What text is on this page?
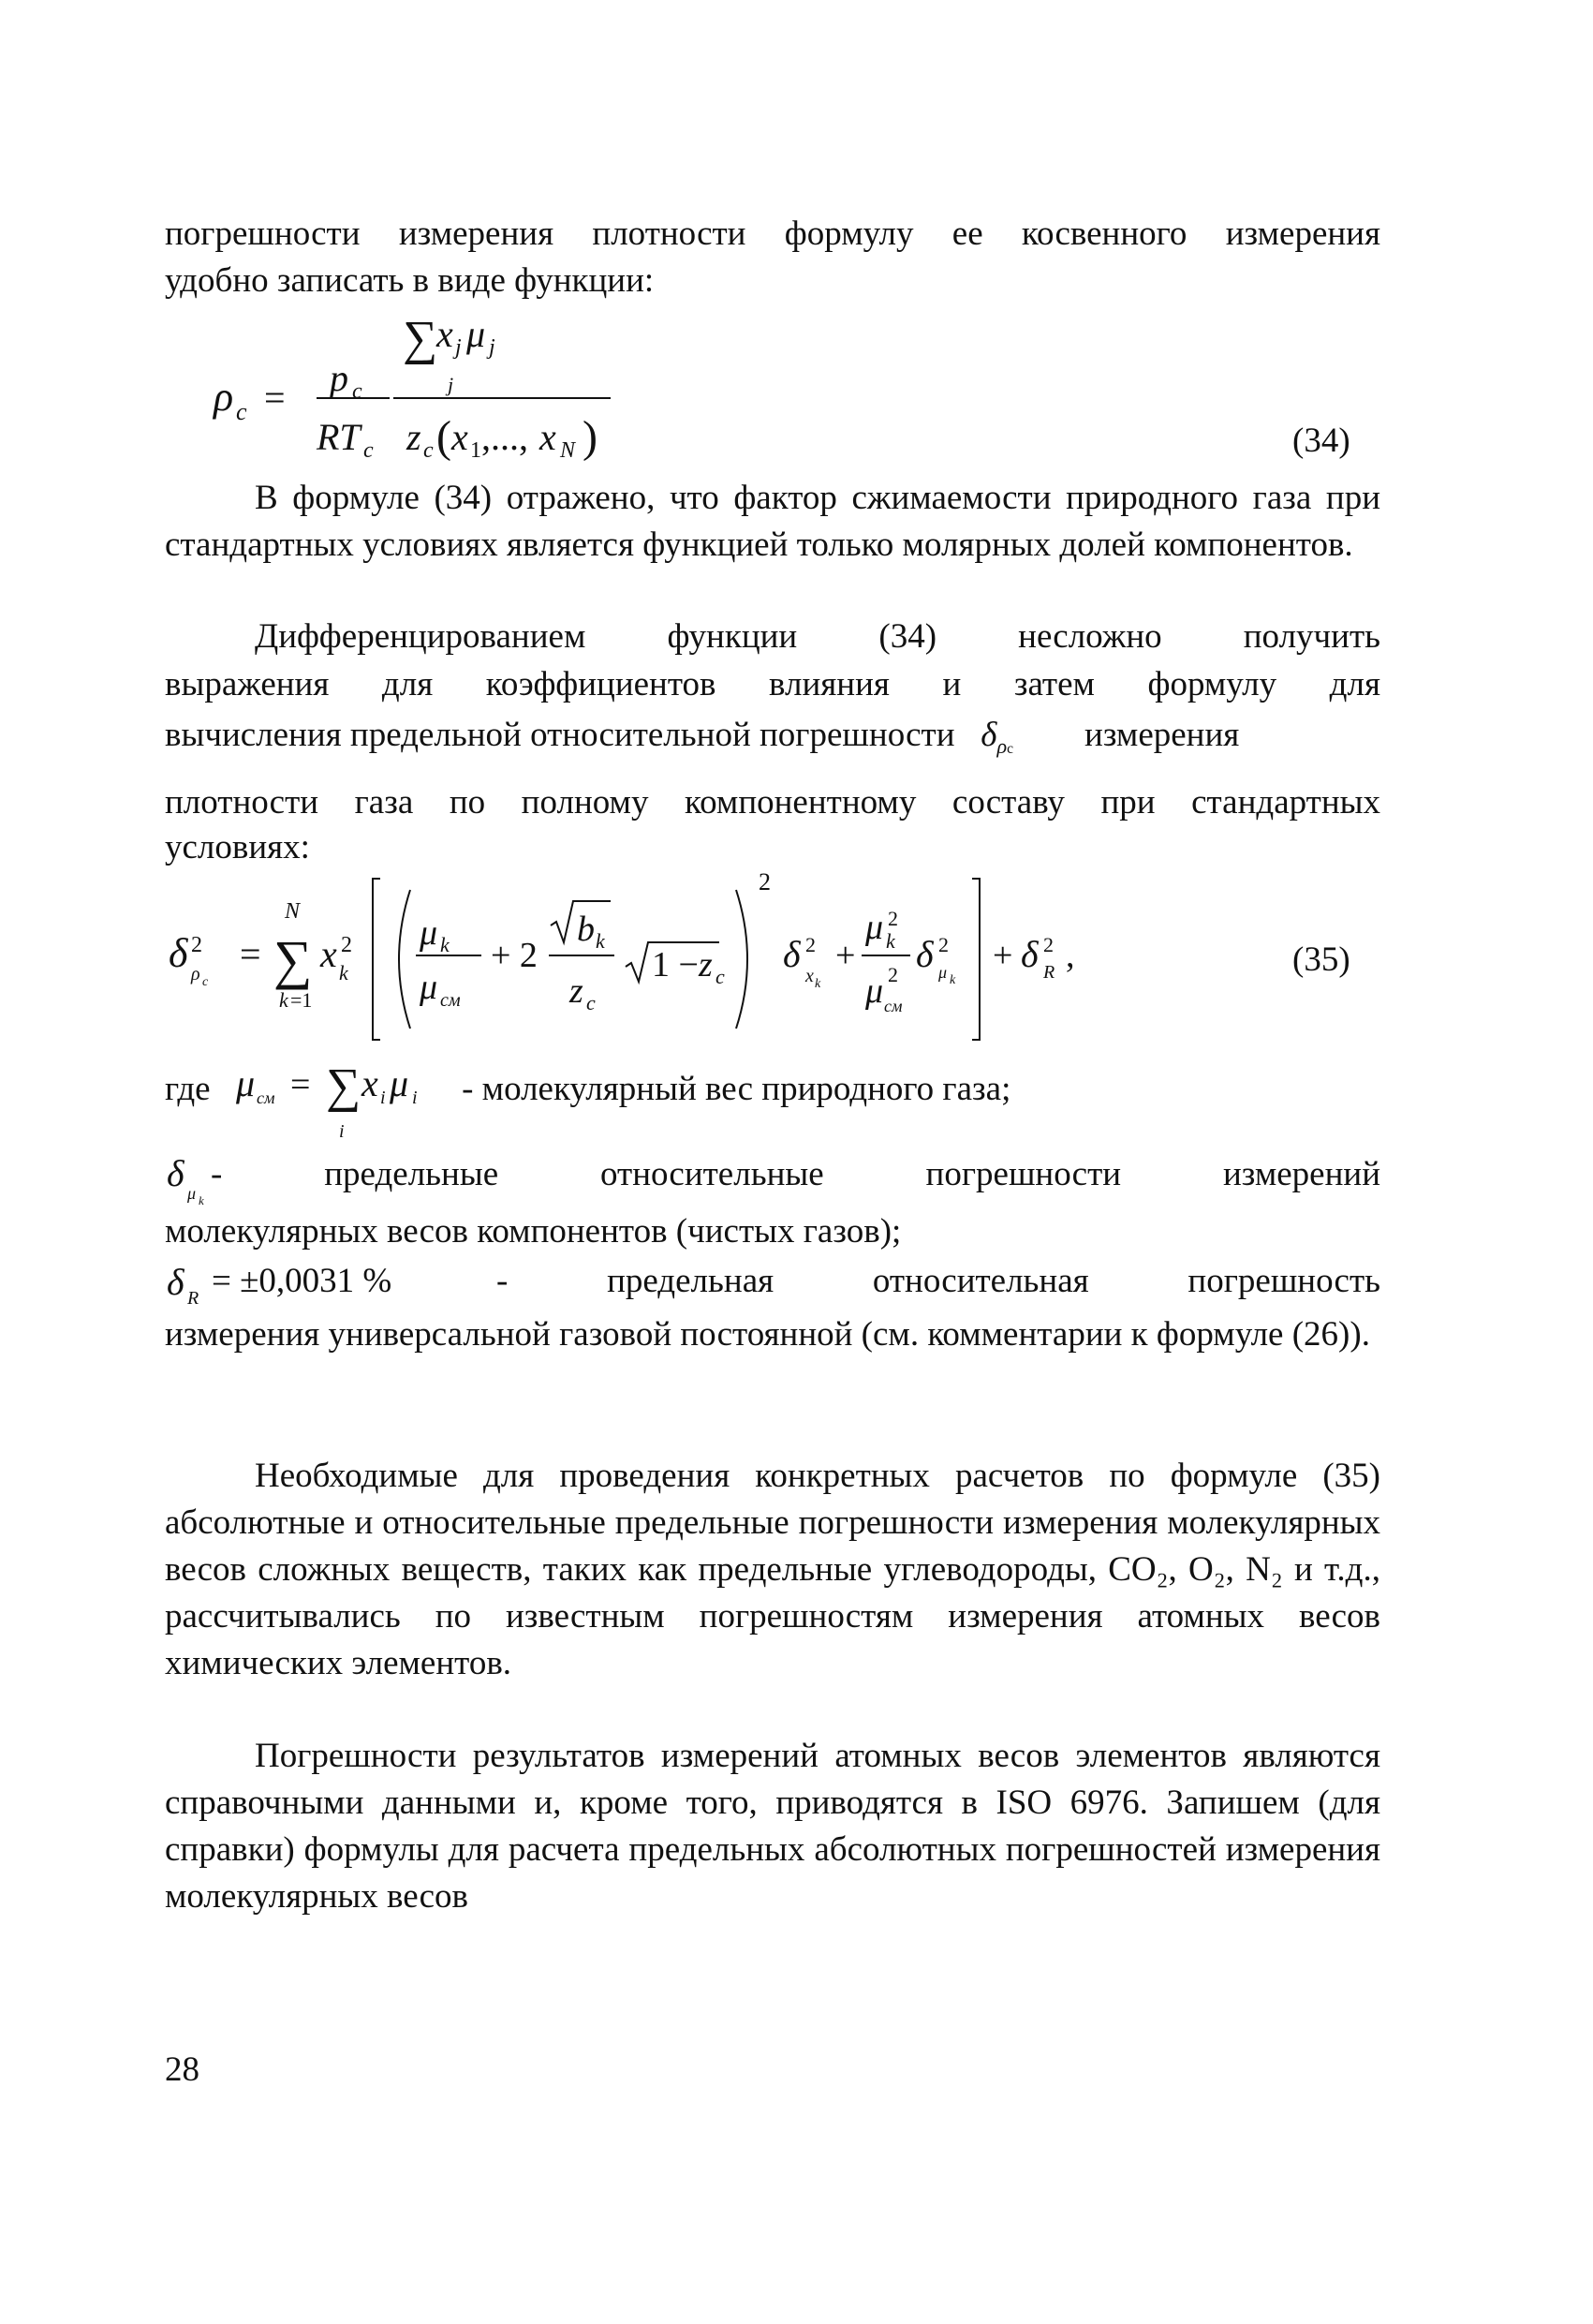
погрешности измерения плотности формулу ее косвенного измерения
удобно записать в виде функции:
ρ c = p c
RT c
∑
x j μ j
j
z c ( x 1 ,..., x N )	(34)
В формуле (34) отражено, что фактор сжимаемости природного газа при стандартных условиях является функцией только молярных долей компонентов.
Дифференцированием функции (34) несложно получить
выражения для коэффициентов влияния и затем формулу для
вычисления предельной относительной погрешности   $\delta_{\rho c}$ измерения
плотности газа по полному компонентному составу при стандартных
условиях:
δ 2
ρ c
=
N
∑
k =1
x 2
k
μ k
μ см
+ 2
b k
z c
1 − z c
2
δ 2
x k
+
μ 2
k
μ 2
см
δ 2
μ k
+ δ 2
R ,	(35)
где	- молекулярный вес природного газа;
μ см = ∑
i
x i μ i
δ μ k
- предельные относительные погрешности измерений
молекулярных весов компонентов (чистых газов);
δ R = ±0,0031 %	- предельная относительная погрешность
измерения универсальной газовой постоянной (см. комментарии к формуле (26)).
Необходимые для проведения конкретных расчетов по формуле (35) абсолютные и относительные предельные погрешности измерения молекулярных весов сложных веществ, таких как предельные углеводороды, CO₂, O₂, N₂ и т.д., рассчитывались по известным погрешностям измерения атомных весов химических элементов.
Погрешности результатов измерений атомных весов элементов являются справочными данными и, кроме того, приводятся в ISO 6976. Запишем (для справки) формулы для расчета предельных абсолютных погрешностей измерения молекулярных весов
28
